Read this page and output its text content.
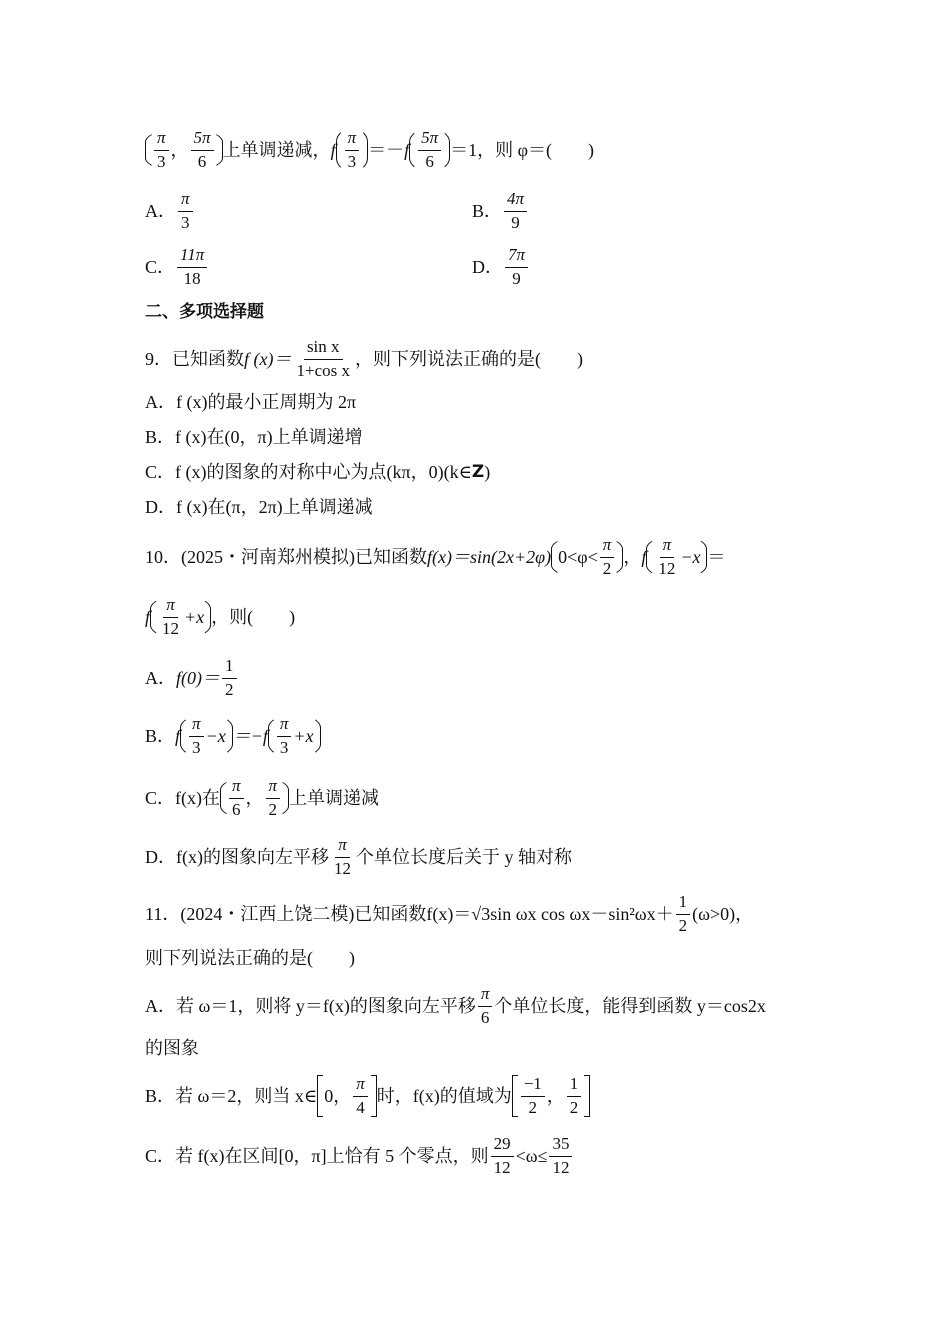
$\frac{\pi}{3}$ ， $\frac{5\pi}{6}$ 上单调递减， f $\frac{\pi}{3} =- f \frac{5\pi}{6} =1$，则 φ＝( )
A． $\frac{\pi}{3}$	B． $\frac{4\pi}{9}$
C． $\frac{11\pi}{18}$	D． $\frac{7\pi}{9}$
二、多项选择题
9．已知函数 f $(x)= \frac{\text{sin x}}{\text{1+cos x}}$ ，则下列说法正确的是( )
A． f (x)的最小正周期为 2π
B． f (x)在(0，π)上单调递增
C． f (x)的图象的对称中心为点(kπ，0)(k∈ Z )
D． f (x)在(π，2π)上单调递减
10．(2025・河南郑州模拟)已知函数 f(x)＝sin(2x+2φ) $0<\varphi< \frac{\pi}{2}$ ， f $\frac{\pi}{12} -x$ ＝
f $\frac{\pi}{12} +x$ ，则( )
A． $f(0)= \frac{1}{2}$
B． f $\frac{\pi}{3} -x =-f \frac{\pi}{3} +x$
C． f(x)在 $\frac{\pi}{6}$ ， $\frac{\pi}{2}$ 上单调递减
D． f(x)的图象向左平移 $\frac{\pi}{12}$ 个单位长度后关于 y 轴对称
11．(2024・江西上饶二模)已知函数 f(x)＝√3sin ωx $\cos \omega x-\sin^2\omega x+ \frac{1}{2} (\omega>0)$，
则下列说法正确的是( )
A． 若 ω＝1，则将 y＝f(x)的图象向左平移 $\frac{\pi}{6}$ 个单位长度，能得到函数 y＝cos2x
的图象
B． 若 ω＝2，则当 x∈ 0， $\frac{\pi}{4}$ 时，f(x)的值域为 $\frac{-1}{2}$ ， $\frac{1}{2}$
C． 若 f(x)在区间[0，π]上恰有 5 个零点，则 $\frac{29}{12} <\omega\le \frac{35}{12}$
